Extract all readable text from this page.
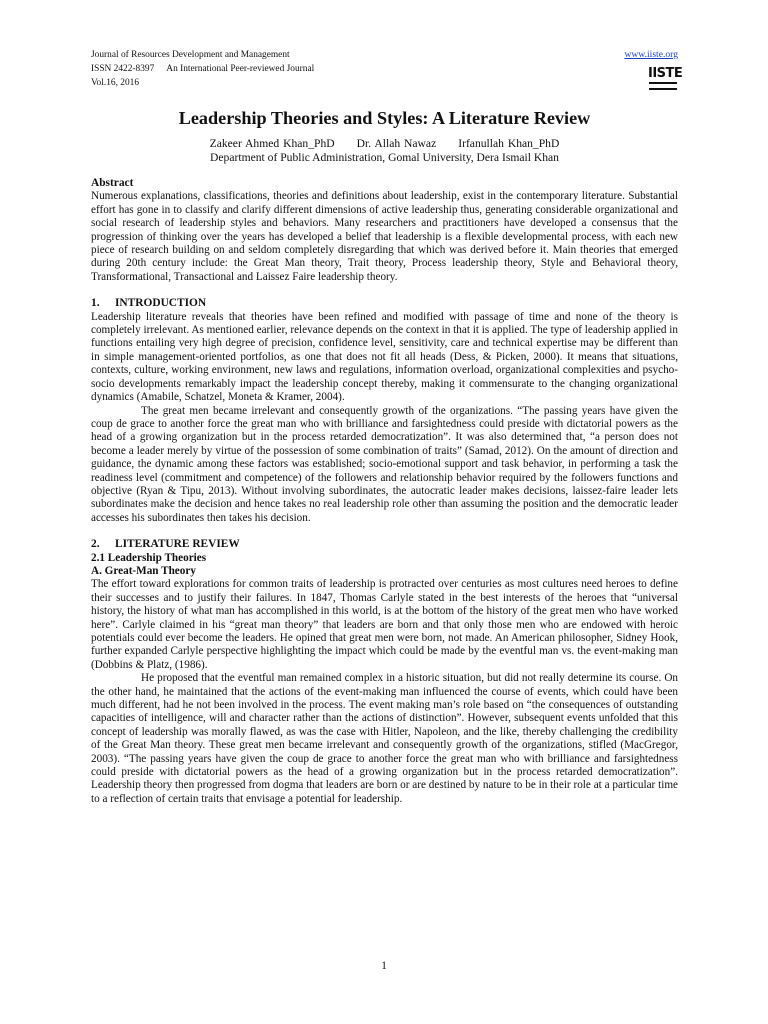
Journal of Resources Development and Management
ISSN 2422-8397 An International Peer-reviewed Journal
Vol.16, 2016
www.iiste.org
IISTE
Leadership Theories and Styles: A Literature Review
Zakeer Ahmed Khan_PhD Dr. Allah Nawaz Irfanullah Khan_PhD
Department of Public Administration, Gomal University, Dera Ismail Khan
Abstract

Numerous explanations, classifications, theories and definitions about leadership, exist in the contemporary literature. Substantial effort has gone in to classify and clarify different dimensions of active leadership thus, generating considerable organizational and social research of leadership styles and behaviors. Many researchers and practitioners have developed a consensus that the progression of thinking over the years has developed a belief that leadership is a flexible developmental process, with each new piece of research building on and seldom completely disregarding that which was derived before it. Main theories that emerged during 20th century include: the Great Man theory, Trait theory, Process leadership theory, Style and Behavioral theory, Transformational, Transactional and Laissez Faire leadership theory.

1. INTRODUCTION

Leadership literature reveals that theories have been refined and modified with passage of time and none of the theory is completely irrelevant. As mentioned earlier, relevance depends on the context in that it is applied. The type of leadership applied in functions entailing very high degree of precision, confidence level, sensitivity, care and technical expertise may be different than in simple management-oriented portfolios, as one that does not fit all heads (Dess, & Picken, 2000). It means that situations, contexts, culture, working environment, new laws and regulations, information overload, organizational complexities and psycho-socio developments remarkably impact the leadership concept thereby, making it commensurate to the changing organizational dynamics (Amabile, Schatzel, Moneta & Kramer, 2004).

The great men became irrelevant and consequently growth of the organizations. “The passing years have given the coup de grace to another force the great man who with brilliance and farsightedness could preside with dictatorial powers as the head of a growing organization but in the process retarded democratization”. It was also determined that, “a person does not become a leader merely by virtue of the possession of some combination of traits” (Samad, 2012). On the amount of direction and guidance, the dynamic among these factors was established; socio-emotional support and task behavior, in performing a task the readiness level (commitment and competence) of the followers and relationship behavior required by the followers functions and objective (Ryan & Tipu, 2013). Without involving subordinates, the autocratic leader makes decisions, laissez-faire leader lets subordinates make the decision and hence takes no real leadership role other than assuming the position and the democratic leader accesses his subordinates then takes his decision.

2. LITERATURE REVIEW
2.1 Leadership Theories
A. Great-Man Theory

The effort toward explorations for common traits of leadership is protracted over centuries as most cultures need heroes to define their successes and to justify their failures. In 1847, Thomas Carlyle stated in the best interests of the heroes that “universal history, the history of what man has accomplished in this world, is at the bottom of the history of the great men who have worked here”. Carlyle claimed in his “great man theory” that leaders are born and that only those men who are endowed with heroic potentials could ever become the leaders. He opined that great men were born, not made. An American philosopher, Sidney Hook, further expanded Carlyle perspective highlighting the impact which could be made by the eventful man vs. the event-making man (Dobbins & Platz, (1986).

He proposed that the eventful man remained complex in a historic situation, but did not really determine its course. On the other hand, he maintained that the actions of the event-making man influenced the course of events, which could have been much different, had he not been involved in the process. The event making man’s role based on “the consequences of outstanding capacities of intelligence, will and character rather than the actions of distinction”. However, subsequent events unfolded that this concept of leadership was morally flawed, as was the case with Hitler, Napoleon, and the like, thereby challenging the credibility of the Great Man theory. These great men became irrelevant and consequently growth of the organizations, stifled (MacGregor, 2003). “The passing years have given the coup de grace to another force the great man who with brilliance and farsightedness could preside with dictatorial powers as the head of a growing organization but in the process retarded democratization”. Leadership theory then progressed from dogma that leaders are born or are destined by nature to be in their role at a particular time to a reflection of certain traits that envisage a potential for leadership.

1
